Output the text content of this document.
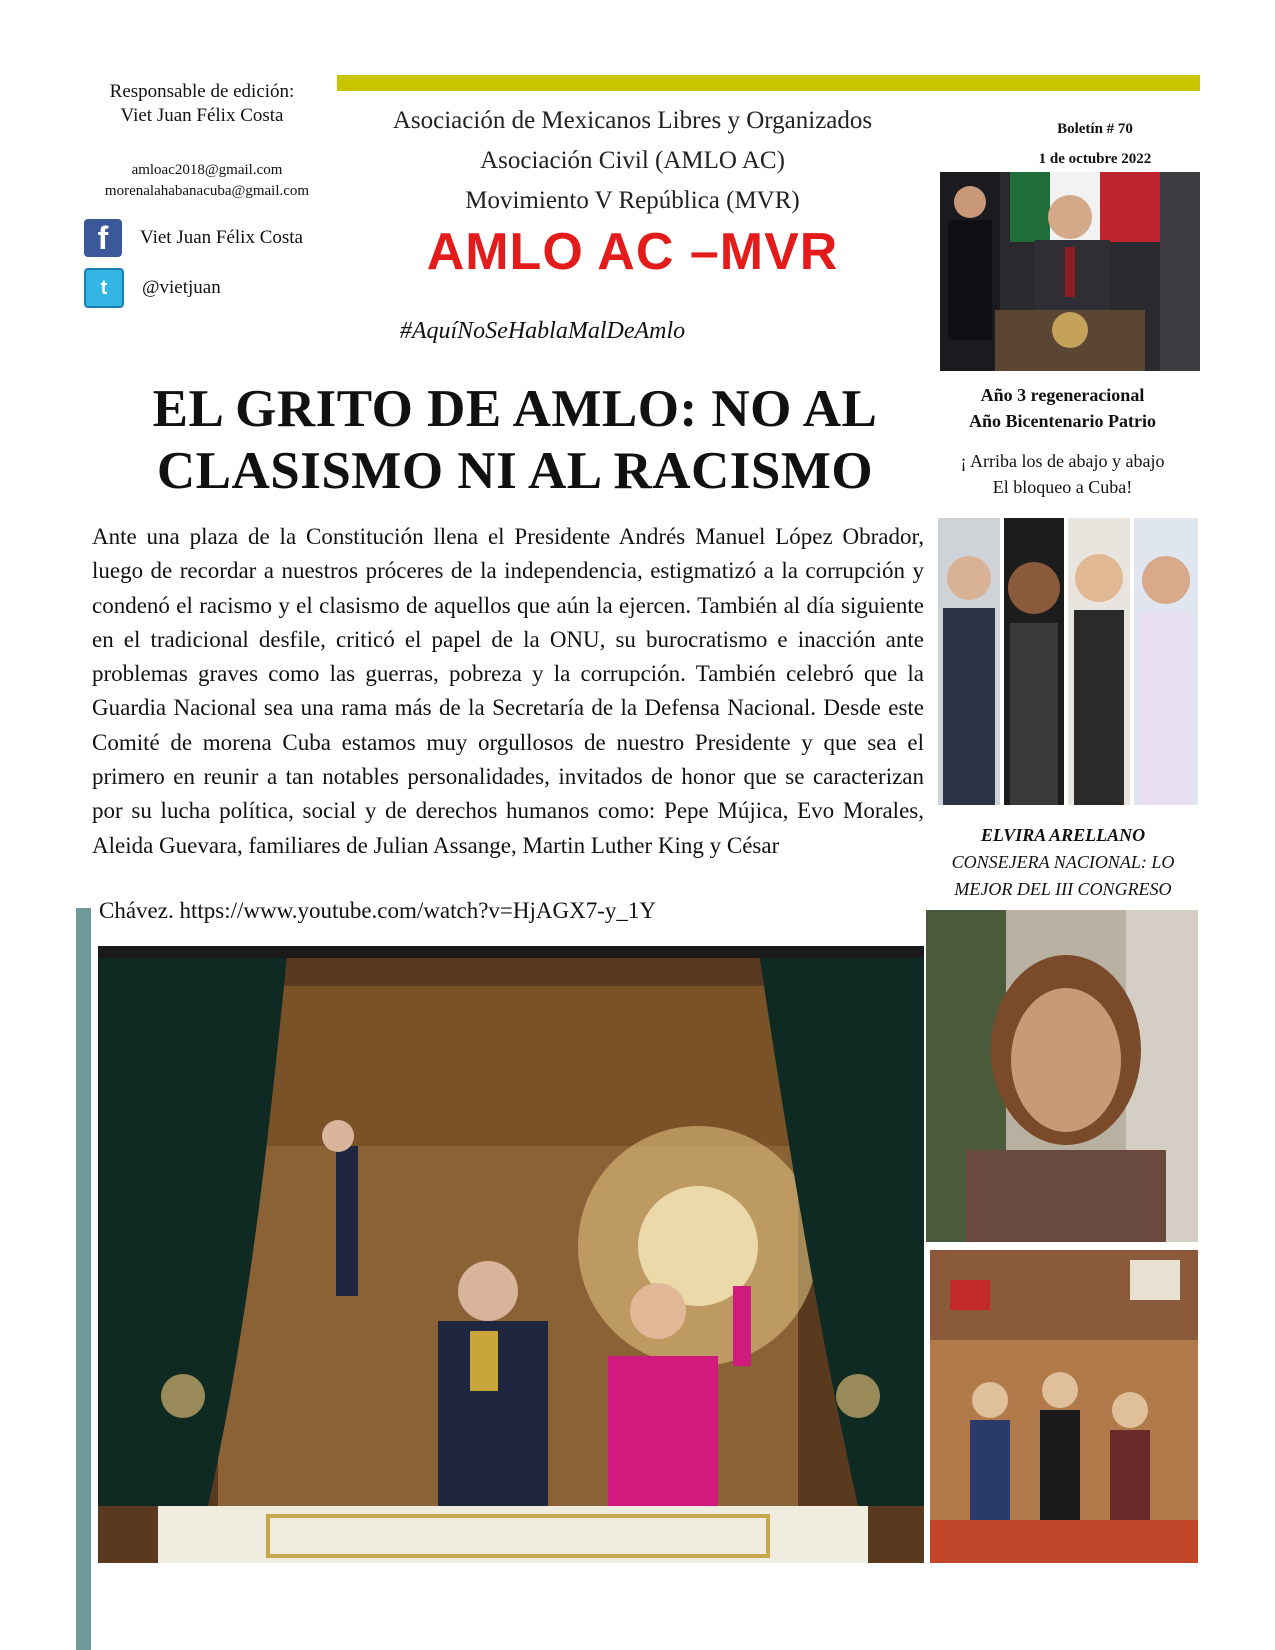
Responsable de edición:
Viet Juan Félix Costa
amloac2018@gmail.com
morenalahabanacuba@gmail.com
f	Viet Juan Félix Costa
t	@vietjuan
Asociación de Mexicanos Libres y Organizados
Asociación Civil (AMLO AC)
Movimiento V República (MVR)
AMLO AC –MVR
#AquíNoSeHablaMalDeAmlo
Boletín # 70
1 de octubre 2022
EL GRITO DE AMLO: NO AL
CLASISMO NI AL RACISMO
Año 3 regeneracional
Año Bicentenario Patrio
¡ Arriba los de abajo y abajo
El bloqueo a Cuba!
Ante una plaza de la Constitución llena el Presidente Andrés Manuel López Obrador, luego de recordar a nuestros próceres de la independencia, estigmatizó a la corrupción y condenó el racismo y el clasismo de aquellos que aún la ejercen. También al día siguiente en el tradicional desfile, criticó el papel de la ONU, su burocratismo e inacción ante problemas graves como las guerras, pobreza y la corrupción. También celebró que la Guardia Nacional sea una rama más de la Secretaría de la Defensa Nacional. Desde este Comité de morena Cuba estamos muy orgullosos de nuestro Presidente y que sea el primero en reunir a tan notables personalidades, invitados de honor que se caracterizan por su lucha política, social y de derechos humanos como: Pepe Mújica, Evo Morales, Aleida Guevara, familiares de Julian Assange, Martin Luther King y César
Chávez. https://www.youtube.com/watch?v=HjAGX7-y_1Y
ELVIRA ARELLANO CONSEJERA NACIONAL: LO MEJOR DEL III CONGRESO
